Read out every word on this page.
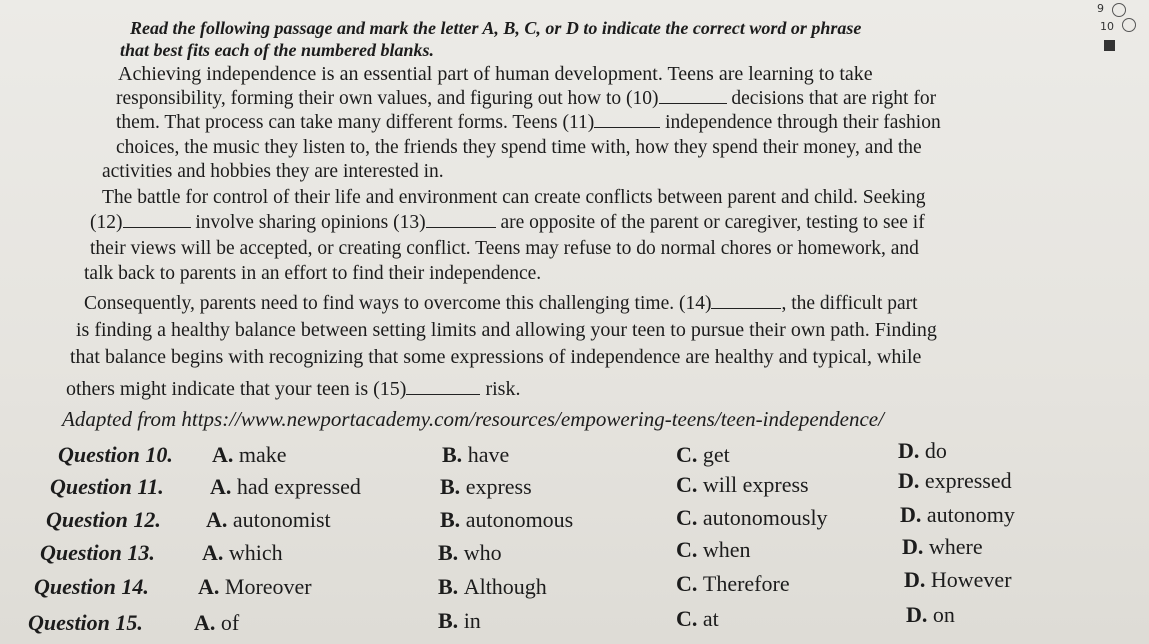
9
10
Read the following passage and mark the letter A, B, C, or D to indicate the correct word or phrase
that best fits each of the numbered blanks.
Achieving independence is an essential part of human development. Teens are learning to take
responsibility, forming their own values, and figuring out how to (10)	decisions that are right for
them. That process can take many different forms. Teens (11)	independence through their fashion
choices, the music they listen to, the friends they spend time with, how they spend their money, and the
activities and hobbies they are interested in.
The battle for control of their life and environment can create conflicts between parent and child. Seeking
(12)	involve sharing opinions (13)	are opposite of the parent or caregiver, testing to see if
their views will be accepted, or creating conflict. Teens may refuse to do normal chores or homework, and
talk back to parents in an effort to find their independence.
Consequently, parents need to find ways to overcome this challenging time. (14)	, the difficult part
is finding a healthy balance between setting limits and allowing your teen to pursue their own path. Finding
that balance begins with recognizing that some expressions of independence are healthy and typical, while
others might indicate that your teen is (15)	risk.
Adapted from https://www.newportacademy.com/resources/empowering-teens/teen-independence/
Question 10. A. make	B. have	C. get	D. do
Question 11. A. had expressed	B. express	C. will express	D. expressed
Question 12. A. autonomist	B. autonomous	C. autonomously	D. autonomy
Question 13. A. which	B. who	C. when	D. where
Question 14. A. Moreover	B. Although	C. Therefore	D. However
Question 15. A. of	B. in	C. at	D. on
